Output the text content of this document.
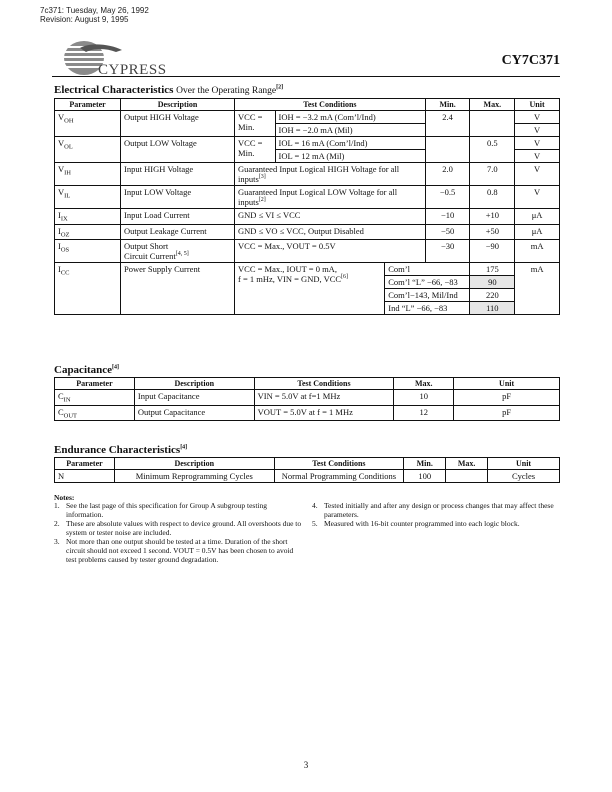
7c371: Tuesday, May 26, 1992
Revision: August 9, 1995
CYPRESS
CY7C371
Electrical Characteristics Over the Operating Range[2]
Parameter	Description	Test Conditions			Min.	Max.	Unit
$V_{OH}$	Output HIGH Voltage	VCC = Min.	IOH = −3.2 mA (Com’l/Ind)		2.4		V
			IOH = −2.0 mA (Mil)				V
$V_{OL}$	Output LOW Voltage	VCC = Min.	IOL = 16 mA (Com’l/Ind)			0.5	V
			IOL = 12 mA (Mil)				V
$V_{IH}$	Input HIGH Voltage	Guaranteed Input Logical HIGH Voltage for all inputs[3]			2.0	7.0	V
$V_{IL}$	Input LOW Voltage	Guaranteed Input Logical LOW Voltage for all inputs[2]			−0.5	0.8	V
$I_{IX}$	Input Load Current	GND ≤ VI ≤ VCC			−10	+10	μA
$I_{OZ}$	Output Leakage Current	GND ≤ VO ≤ VCC, Output Disabled			−50	+50	μA
$I_{OS}$	Output Short
Circuit Current[4, 5]	VCC = Max., VOUT = 0.5V			−30	−90	mA
$I_{CC}$	Power Supply Current	VCC = Max., IOUT = 0 mA,
f = 1 mHz, VIN = GND, VCC[6]		Com’l		175	mA
				Com’l “L” −66, −83		90	
				Com’l−143, Mil/Ind		220	
				Ind “L” −66, −83		110	
Capacitance[4]
Parameter	Description	Test Conditions	Max.	Unit
$C_{IN}$	Input Capacitance	VIN = 5.0V at f=1 MHz	10	pF
$C_{OUT}$	Output Capacitance	VOUT = 5.0V at f = 1 MHz	12	pF
Endurance Characteristics[4]
Parameter	Description	Test Conditions	Min.	Max.	Unit
N	Minimum Reprogramming Cycles	Normal Programming Conditions	100		Cycles
Notes:
1. See the last page of this specification for Group A subgroup testing information.
2. These are absolute values with respect to device ground. All overshoots due to system or tester noise are included.
3. Not more than one output should be tested at a time. Duration of the short circuit should not exceed 1 second. VOUT = 0.5V has been chosen to avoid test problems caused by tester ground degradation.
4. Tested initially and after any design or process changes that may affect these parameters.
5. Measured with 16-bit counter programmed into each logic block.
3
